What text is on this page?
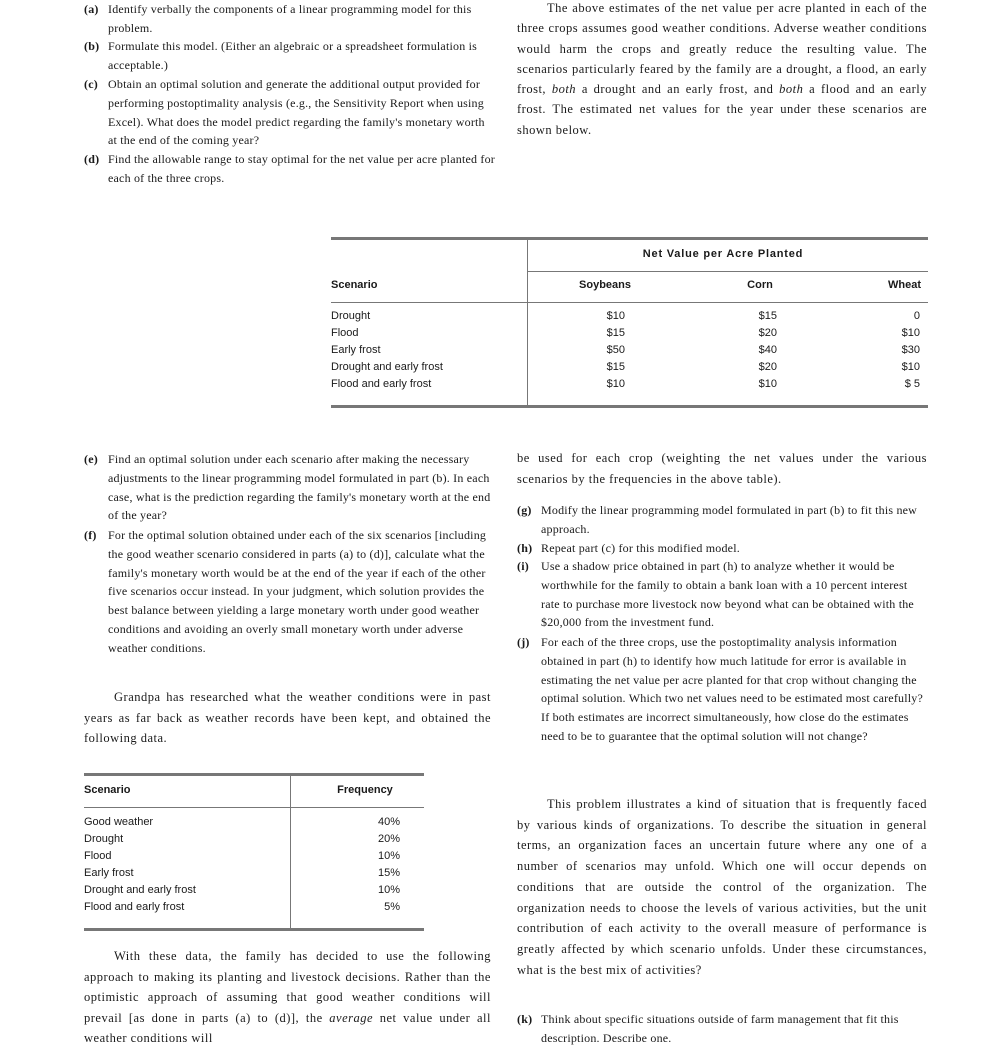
(a) Identify verbally the components of a linear programming model for this problem.
(b) Formulate this model. (Either an algebraic or a spreadsheet formulation is acceptable.)
(c) Obtain an optimal solution and generate the additional output provided for performing postoptimality analysis (e.g., the Sensitivity Report when using Excel). What does the model predict regarding the family's monetary worth at the end of the coming year?
(d) Find the allowable range to stay optimal for the net value per acre planted for each of the three crops.
The above estimates of the net value per acre planted in each of the three crops assumes good weather conditions. Adverse weather conditions would harm the crops and greatly reduce the resulting value. The scenarios particularly feared by the family are a drought, a flood, an early frost, both a drought and an early frost, and both a flood and an early frost. The estimated net values for the year under these scenarios are shown below.
Net Value per Acre Planted
Scenario	Soybeans	Corn	Wheat
Drought	$10	$15	0
Flood	$15	$20	$10
Early frost	$50	$40	$30
Drought and early frost	$15	$20	$10
Flood and early frost	$10	$10	$ 5
(e) Find an optimal solution under each scenario after making the necessary adjustments to the linear programming model formulated in part (b). In each case, what is the prediction regarding the family's monetary worth at the end of the year?
(f) For the optimal solution obtained under each of the six scenarios [including the good weather scenario considered in parts (a) to (d)], calculate what the family's monetary worth would be at the end of the year if each of the other five scenarios occur instead. In your judgment, which solution provides the best balance between yielding a large monetary worth under good weather conditions and avoiding an overly small monetary worth under adverse weather conditions.
Grandpa has researched what the weather conditions were in past years as far back as weather records have been kept, and obtained the following data.
Scenario	Frequency
Good weather	40%
Drought	20%
Flood	10%
Early frost	15%
Drought and early frost	10%
Flood and early frost	5%
With these data, the family has decided to use the following approach to making its planting and livestock decisions. Rather than the optimistic approach of assuming that good weather conditions will prevail [as done in parts (a) to (d)], the average net value under all weather conditions will
be used for each crop (weighting the net values under the various scenarios by the frequencies in the above table).
(g) Modify the linear programming model formulated in part (b) to fit this new approach.
(h) Repeat part (c) for this modified model.
(i)	Use a shadow price obtained in part (h) to analyze whether it would be worthwhile for the family to obtain a bank loan with a 10 percent interest rate to purchase more livestock now beyond what can be obtained with the $20,000 from the investment fund.
(j) For each of the three crops, use the postoptimality analysis information obtained in part (h) to identify how much latitude for error is available in estimating the net value per acre planted for that crop without changing the optimal solution. Which two net values need to be estimated most carefully? If both estimates are incorrect simultaneously, how close do the estimates need to be to guarantee that the optimal solution will not change?
This problem illustrates a kind of situation that is frequently faced by various kinds of organizations. To describe the situation in general terms, an organization faces an uncertain future where any one of a number of scenarios may unfold. Which one will occur depends on conditions that are outside the control of the organization. The organization needs to choose the levels of various activities, but the unit contribution of each activity to the overall measure of performance is greatly affected by which scenario unfolds. Under these circumstances, what is the best mix of activities?
(k) Think about specific situations outside of farm management that fit this description. Describe one.
